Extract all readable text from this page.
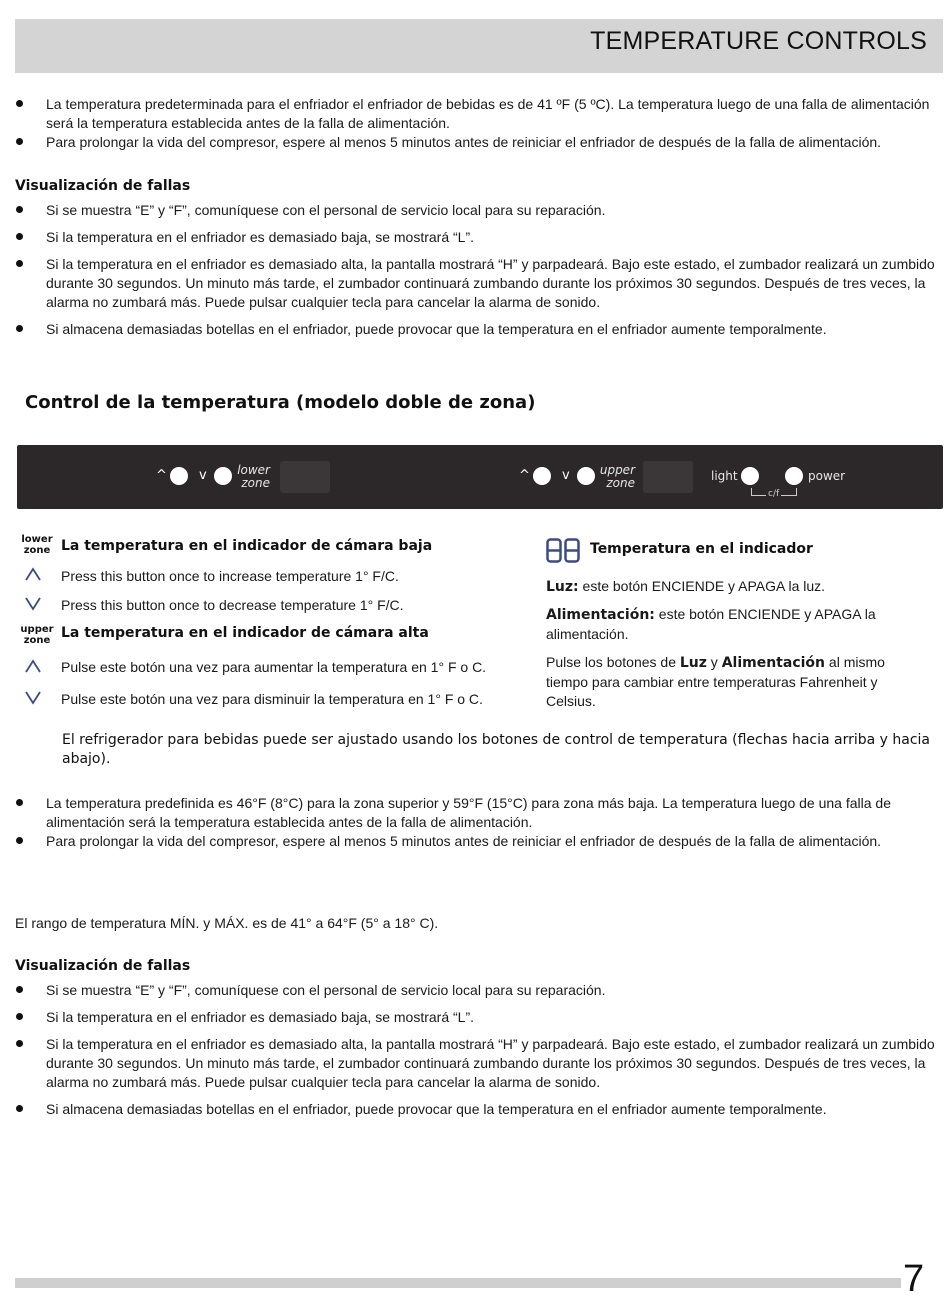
TEMPERATURE CONTROLS
La temperatura predeterminada para el enfriador el enfriador de bebidas es de 41 ºF (5 ºC). La temperatura luego de una falla de alimentación será la temperatura establecida antes de la falla de alimentación.
Para prolongar la vida del compresor, espere al menos 5 minutos antes de reiniciar el enfriador de después de la falla de alimentación.
Visualización de fallas
Si se muestra “E” y “F”, comuníquese con el personal de servicio local para su reparación.
Si la temperatura en el enfriador es demasiado baja, se mostrará “L”.
Si la temperatura en el enfriador es demasiado alta, la pantalla mostrará “H” y parpadeará. Bajo este estado, el zumbador realizará un zumbido durante 30 segundos. Un minuto más tarde, el zumbador continuará zumbando durante los próximos 30 segundos. Después de tres veces, la alarma no zumbará más. Puede pulsar cualquier tecla para cancelar la alarma de sonido.
Si almacena demasiadas botellas en el enfriador, puede provocar que la temperatura en el enfriador aumente temporalmente.
Control de la temperatura (modelo doble de zona)
^ v	lower
zone	^ v	upper
zone	light	power
c/f
lower
zone La temperatura en el indicador de cámara baja
Press this button once to increase temperature 1° F/C.
Press this button once to decrease temperature 1° F/C.
upper
zone La temperatura en el indicador de cámara alta
Pulse este botón una vez para aumentar la temperatura en 1° F o C.
Pulse este botón una vez para disminuir la temperatura en 1° F o C.
Temperatura en el indicador
Luz: este botón ENCIENDE y APAGA la luz.
Alimentación: este botón ENCIENDE y APAGA la alimentación.
Pulse los botones de Luz y Alimentación al mismo tiempo para cambiar entre temperaturas Fahrenheit y Celsius.
El refrigerador para bebidas puede ser ajustado usando los botones de control de temperatura (flechas hacia arriba y hacia abajo).
La temperatura predefinida es 46°F (8°C) para la zona superior y 59°F (15°C) para zona más baja. La temperatura luego de una falla de alimentación será la temperatura establecida antes de la falla de alimentación.
Para prolongar la vida del compresor, espere al menos 5 minutos antes de reiniciar el enfriador de después de la falla de alimentación.
El rango de temperatura MÍN. y MÁX. es de 41° a 64°F (5° a 18° C).
Visualización de fallas
Si se muestra “E” y “F”, comuníquese con el personal de servicio local para su reparación.
Si la temperatura en el enfriador es demasiado baja, se mostrará “L”.
Si la temperatura en el enfriador es demasiado alta, la pantalla mostrará “H” y parpadeará. Bajo este estado, el zumbador realizará un zumbido durante 30 segundos. Un minuto más tarde, el zumbador continuará zumbando durante los próximos 30 segundos. Después de tres veces, la alarma no zumbará más. Puede pulsar cualquier tecla para cancelar la alarma de sonido.
Si almacena demasiadas botellas en el enfriador, puede provocar que la temperatura en el enfriador aumente temporalmente.
7
